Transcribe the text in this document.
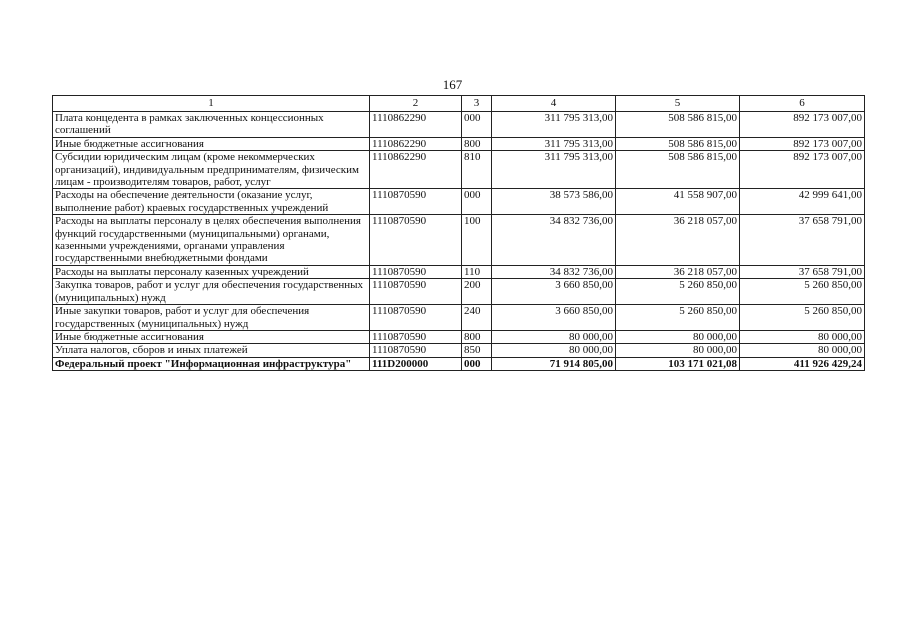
167
1	2	3	4	5	6
Плата концедента в рамках заключенных концессионных соглашений	1110862290	000	311 795 313,00	508 586 815,00	892 173 007,00
Иные бюджетные ассигнования	1110862290	800	311 795 313,00	508 586 815,00	892 173 007,00
Субсидии юридическим лицам (кроме некоммерческих организаций), индивидуальным предпринимателям, физическим лицам - производителям товаров, работ, услуг	1110862290	810	311 795 313,00	508 586 815,00	892 173 007,00
Расходы на обеспечение деятельности (оказание услуг, выполнение работ) краевых государственных учреждений	1110870590	000	38 573 586,00	41 558 907,00	42 999 641,00
Расходы на выплаты персоналу в целях обеспечения выполнения функций государственными (муниципальными) органами, казенными учреждениями, органами управления государственными внебюджетными фондами	1110870590	100	34 832 736,00	36 218 057,00	37 658 791,00
Расходы на выплаты персоналу казенных учреждений	1110870590	110	34 832 736,00	36 218 057,00	37 658 791,00
Закупка товаров, работ и услуг для обеспечения государственных (муниципальных) нужд	1110870590	200	3 660 850,00	5 260 850,00	5 260 850,00
Иные закупки товаров, работ и услуг для обеспечения государственных (муниципальных) нужд	1110870590	240	3 660 850,00	5 260 850,00	5 260 850,00
Иные бюджетные ассигнования	1110870590	800	80 000,00	80 000,00	80 000,00
Уплата налогов, сборов и иных платежей	1110870590	850	80 000,00	80 000,00	80 000,00
Федеральный проект "Информационная инфраструктура"	111D200000	000	71 914 805,00	103 171 021,08	411 926 429,24
